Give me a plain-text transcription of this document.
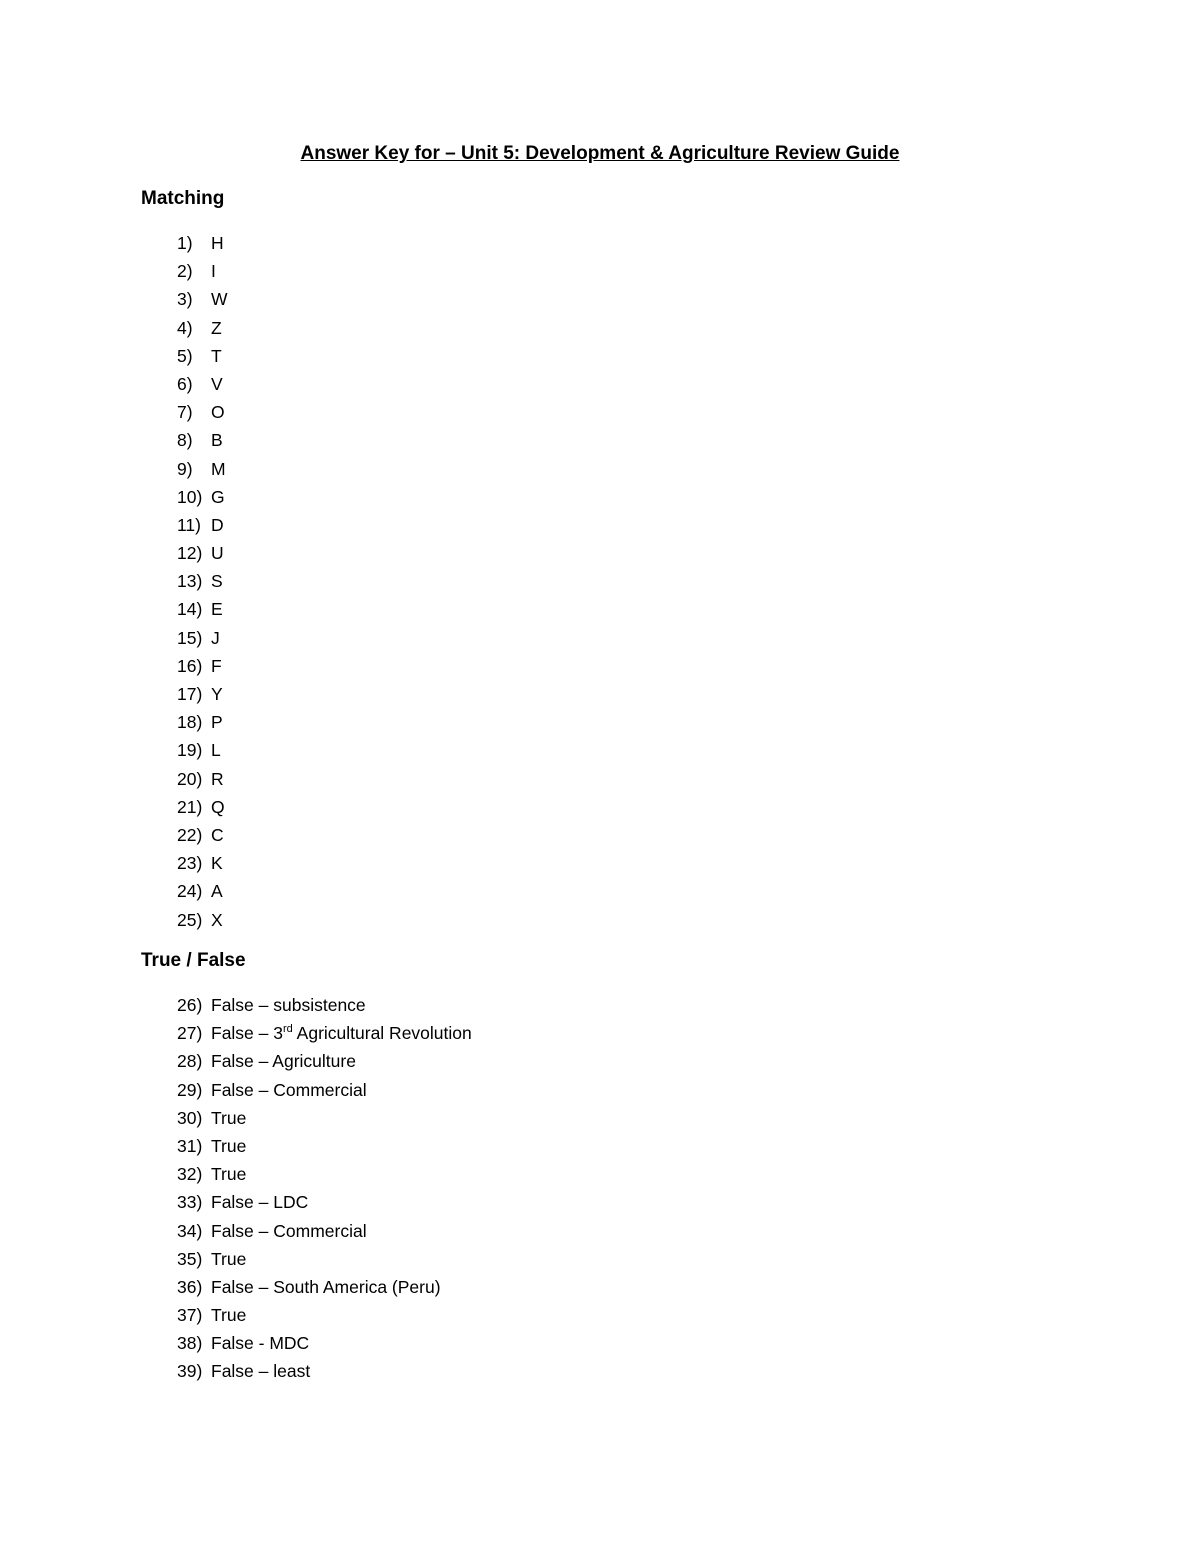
Answer Key for – Unit 5: Development & Agriculture Review Guide
Matching
1)	H
2)	I
3)	W
4)	Z
5)	T
6)	V
7)	O
8)	B
9)	M
10) G
11) D
12) U
13) S
14) E
15) J
16) F
17) Y
18) P
19) L
20) R
21) Q
22) C
23) K
24) A
25) X
True / False
26) False – subsistence
27) False – 3rd Agricultural Revolution
28) False – Agriculture
29) False – Commercial
30) True
31) True
32) True
33) False – LDC
34) False – Commercial
35) True
36) False – South America (Peru)
37) True
38) False - MDC
39) False – least
